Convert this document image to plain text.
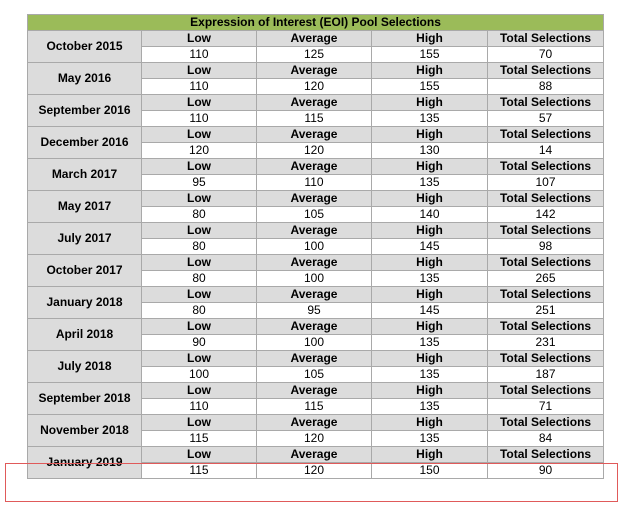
Expression of Interest (EOI) Pool Selections				
October 2015	Low	Average	High	Total Selections
	110	125	155	70
May 2016	Low	Average	High	Total Selections
	110	120	155	88
September 2016	Low	Average	High	Total Selections
	110	115	135	57
December 2016	Low	Average	High	Total Selections
	120	120	130	14
March 2017	Low	Average	High	Total Selections
	95	110	135	107
May 2017	Low	Average	High	Total Selections
	80	105	140	142
July 2017	Low	Average	High	Total Selections
	80	100	145	98
October 2017	Low	Average	High	Total Selections
	80	100	135	265
January 2018	Low	Average	High	Total Selections
	80	95	145	251
April 2018	Low	Average	High	Total Selections
	90	100	135	231
July 2018	Low	Average	High	Total Selections
	100	105	135	187
September 2018	Low	Average	High	Total Selections
	110	115	135	71
November 2018	Low	Average	High	Total Selections
	115	120	135	84
January 2019	Low	Average	High	Total Selections
	115	120	150	90
